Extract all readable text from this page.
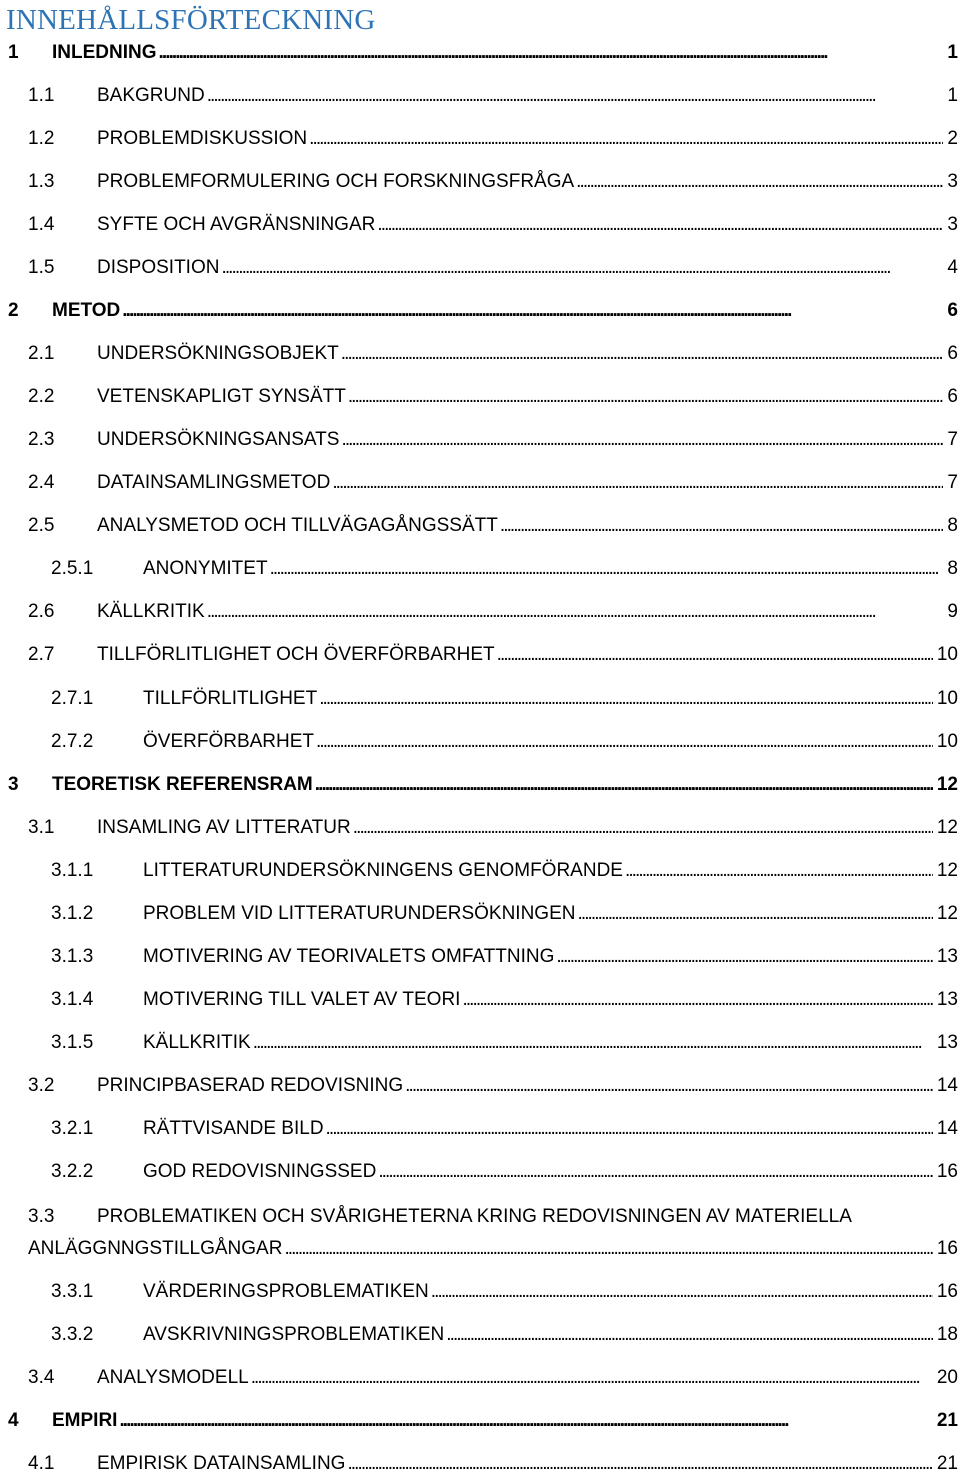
INNEHÅLLSFÖRTECKNING
1 INLEDNING . . .	1
1.1 BAKGRUND . . .	1
1.2 PROBLEMDISKUSSION . . .	2
1.3 PROBLEMFORMULERING OCH FORSKNINGSFRÅGA . . .	3
1.4 SYFTE OCH AVGRÄNSNINGAR . . .	3
1.5 DISPOSITION . . .	4
2 METOD . . .	6
2.1 UNDERSÖKNINGSOBJEKT . . .	6
2.2 VETENSKAPLIGT SYNSÄTT . . .	6
2.3 UNDERSÖKNINGSANSATS . . .	7
2.4 DATAINSAMLINGSMETOD . . .	7
2.5 ANALYSMETOD OCH TILLVÄGAGÅNGSSÄTT . . .	8
2.5.1	ANONYMITET . . .	8
2.6 KÄLLKRITIK . . .	9
2.7 TILLFÖRLITLIGHET OCH ÖVERFÖRBARHET . . .	10
2.7.1	TILLFÖRLITLIGHET . . .	10
2.7.2	ÖVERFÖRBARHET . . .	10
3 TEORETISK REFERENSRAM . . .	12
3.1 INSAMLING AV LITTERATUR . . .	12
3.1.1	LITTERATURUNDERSÖKNINGENS GENOMFÖRANDE . . .	12
3.1.2	PROBLEM VID LITTERATURUNDERSÖKNINGEN . . .	12
3.1.3	MOTIVERING AV TEORIVALETS OMFATTNING . . .	13
3.1.4	MOTIVERING TILL VALET AV TEORI . . .	13
3.1.5	KÄLLKRITIK . . .	13
3.2 PRINCIPBASERAD REDOVISNING . . .	14
3.2.1	RÄTTVISANDE BILD . . .	14
3.2.2	GOD REDOVISNINGSSED . . .	16
3.3 PROBLEMATIKEN OCH SVÅRIGHETERNA KRING REDOVISNINGEN AV MATERIELLA
ANLÄGGNNGSTILLGÅNGAR . . .	16
3.3.1	VÄRDERINGSPROBLEMATIKEN . . .	16
3.3.2	AVSKRIVNINGSPROBLEMATIKEN . . .	18
3.4 ANALYSMODELL . . .	20
4 EMPIRI . . .	21
4.1 EMPIRISK DATAINSAMLING . . .	21
